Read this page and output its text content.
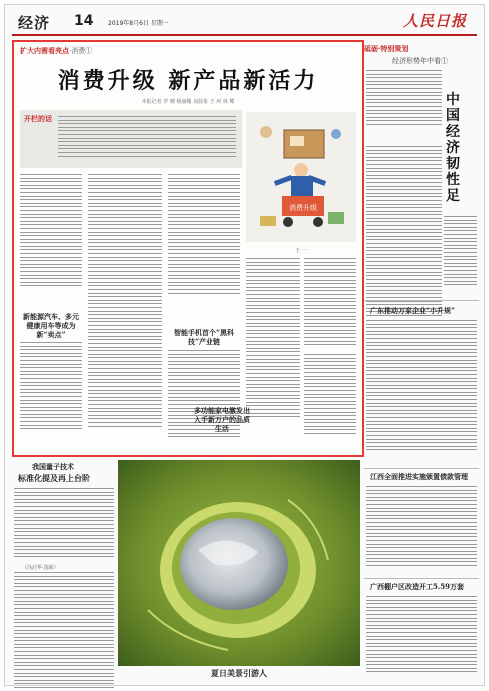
经济 14 2019年8月6日 星期一	人民日报
扩大内需看亮点·消费①
消费升级 新产品新活力
本报记者 罗 珊 杨丽娜 刘晨希 王 珂 林 鹭
开栏的话
消费升级
王 一
新能源汽车、多元健康用车等成为新“卖点”	智能手机首个“黑科技”产业链
多功能家电激发出入手新万户的品质生活
砥砺·特别策划
经济形势年中看①
中国经济韧性足
广东推动万家企业“小升规”
江西全面推进实施颁置债款管理
广西棚户区改造开工5.59万套
我国量子技术
标准化提及再上台阶
（冯启华·国新）
夏日美景引游人
